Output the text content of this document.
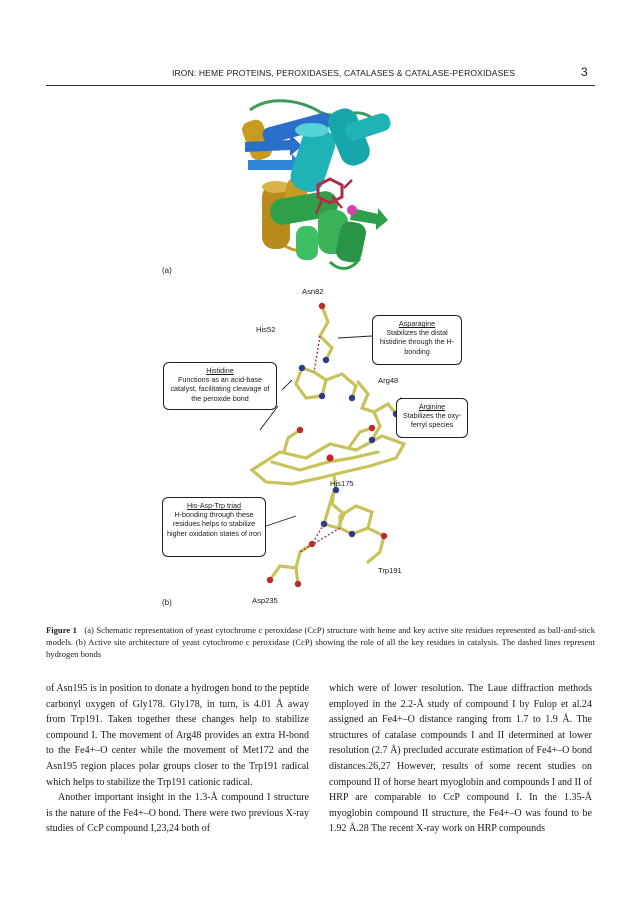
IRON: HEME PROTEINS, PEROXIDASES, CATALASES & CATALASE-PEROXIDASES	3
(a)
(b)
Asn82
His52
Arg48
His175
Trp191
Asp235
Asparagine
Stabilizes the distal histidine through the H-bonding
Histidine
Functions as an acid-base catalyst, facilitating cleavage of the peroxide bond
Arginine
Stabilizes the oxy-ferryl species
His-Asp-Trp triad
H-bonding through these residues helps to stabilize higher oxidation states of iron
Figure 1 (a) Schematic representation of yeast cytochrome c peroxidase (CcP) structure with heme and key active site residues represented as ball-and-stick models. (b) Active site architecture of yeast cytochrome c peroxidase (CcP) showing the role of all the key residues in catalysis. The dashed lines represent hydrogen bonds

of Asn195 is in position to donate a hydrogen bond to the peptide carbonyl oxygen of Gly178. Gly178, in turn, is 4.01 Å away from Trp191. Taken together these changes help to stabilize compound I. The movement of Arg48 provides an extra H-bond to the Fe4+–O center while the movement of Met172 and the Asn195 region places polar groups closer to the Trp191 radical which helps to stabilize the Trp191 cationic radical.

Another important insight in the 1.3-Å compound I structure is the nature of the Fe4+–O bond. There were two previous X-ray studies of CcP compound I,23,24 both of

which were of lower resolution. The Laue diffraction methods employed in the 2.2-Å study of compound I by Fulop et al.24 assigned an Fe4+–O distance ranging from 1.7 to 1.9 Å. The structures of catalase compounds I and II determined at lower resolution (2.7 Å) precluded accurate estimation of Fe4+–O bond distances.26,27 However, results of some recent studies on compound II of horse heart myoglobin and compounds I and II of HRP are comparable to CcP compound I. In the 1.35-Å myoglobin compound II structure, the Fe4+–O was found to be 1.92 Å.28 The recent X-ray work on HRP compounds
